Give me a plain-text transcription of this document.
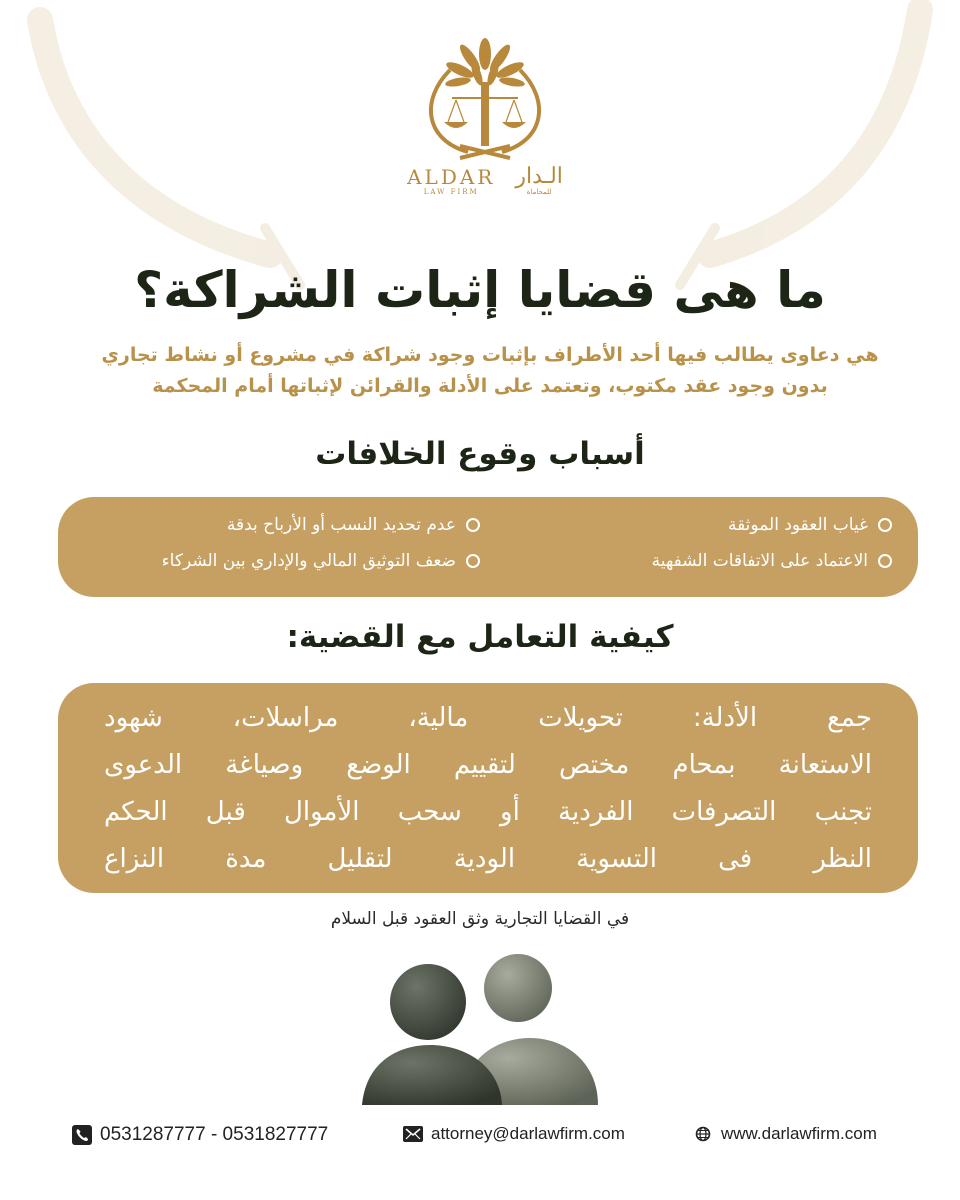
ALDAR
LAW FIRM
الـدار
للمحاماة
ما هى قضايا إثبات الشراكة؟
هي دعاوى يطالب فيها أحد الأطراف بإثبات وجود شراكة في مشروع أو نشاط تجاري
بدون وجود عقد مكتوب، وتعتمد على الأدلة والقرائن لإثباتها أمام المحكمة
أسباب وقوع الخلافات
غياب العقود الموثقة
عدم تحديد النسب أو الأرباح بدقة
الاعتماد على الاتفاقات الشفهية
ضعف التوثيق المالي والإداري بين الشركاء
كيفية التعامل مع القضية:
جمع الأدلة: تحويلات مالية، مراسلات، شهود
الاستعانة بمحام مختص لتقييم الوضع وصياغة الدعوى
تجنب التصرفات الفردية أو سحب الأموال قبل الحكم
النظر فى التسوية الودية لتقليل مدة النزاع
في القضايا التجارية وثق العقود قبل السلام
0531287777 - 0531827777	attorney@darlawfirm.com	www.darlawfirm.com
